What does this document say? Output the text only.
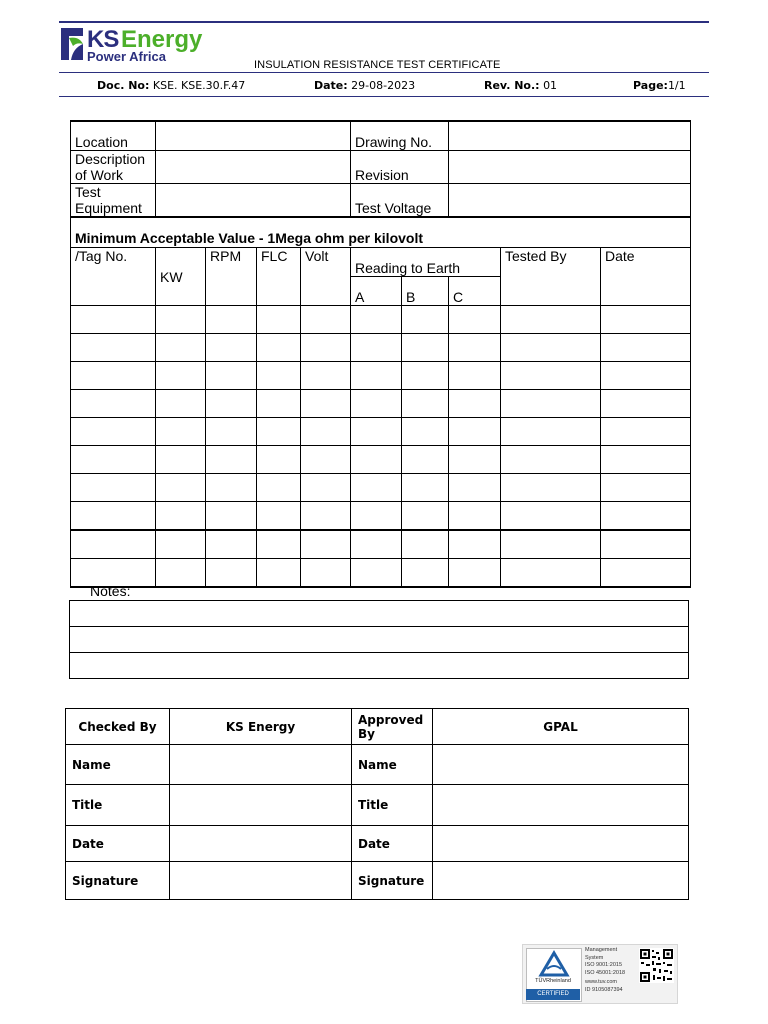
KS Energy
Power Africa
INSULATION RESISTANCE TEST CERTIFICATE
Doc. No: KSE. KSE.30.F.47	Date: 29-08-2023	Rev. No.: 01	Page:1/1
Location					Drawing No.				
Description of Work					Revision				
Test Equipment					Test Voltage				
Minimum Acceptable Value - 1Mega ohm per kilovolt									
/Tag No.	KW	RPM	FLC	Volt	Reading to Earth			Tested By	Date
					A	B	C		

Notes:

Checked By	KS Energy	Approved By	GPAL
Name		Name	
Title		Title	
Date		Date	
Signature		Signature	
TÜVRheinland
CERTIFIED
Management
System
ISO 9001:2015
ISO 45001:2018
www.tuv.com
ID 9105087394
